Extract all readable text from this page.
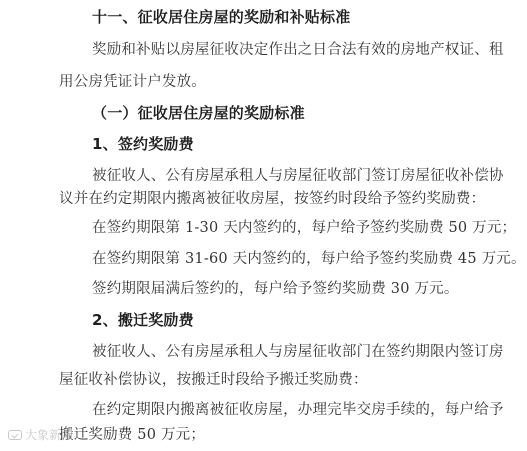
十一、征收居住房屋的奖励和补贴标准
奖励和补贴以房屋征收决定作出之日合法有效的房地产权证、租
用公房凭证计户发放。
（一）征收居住房屋的奖励标准
1、签约奖励费
被征收人、公有房屋承租人与房屋征收部门签订房屋征收补偿协
议并在约定期限内搬离被征收房屋，按签约时段给予签约奖励费：
在签约期限第 1-30 天内签约的，每户给予签约奖励费 50 万元；
在签约期限第 31-60 天内签约的，每户给予签约奖励费 45 万元。
签约期限届满后签约的，每户给予签约奖励费 30 万元。
2、搬迁奖励费
被征收人、公有房屋承租人与房屋征收部门在签约期限内签订房
屋征收补偿协议，按搬迁时段给予搬迁奖励费：
在约定期限内搬离被征收房屋，办理完毕交房手续的，每户给予
搬迁奖励费 50 万元；
大象新闻
